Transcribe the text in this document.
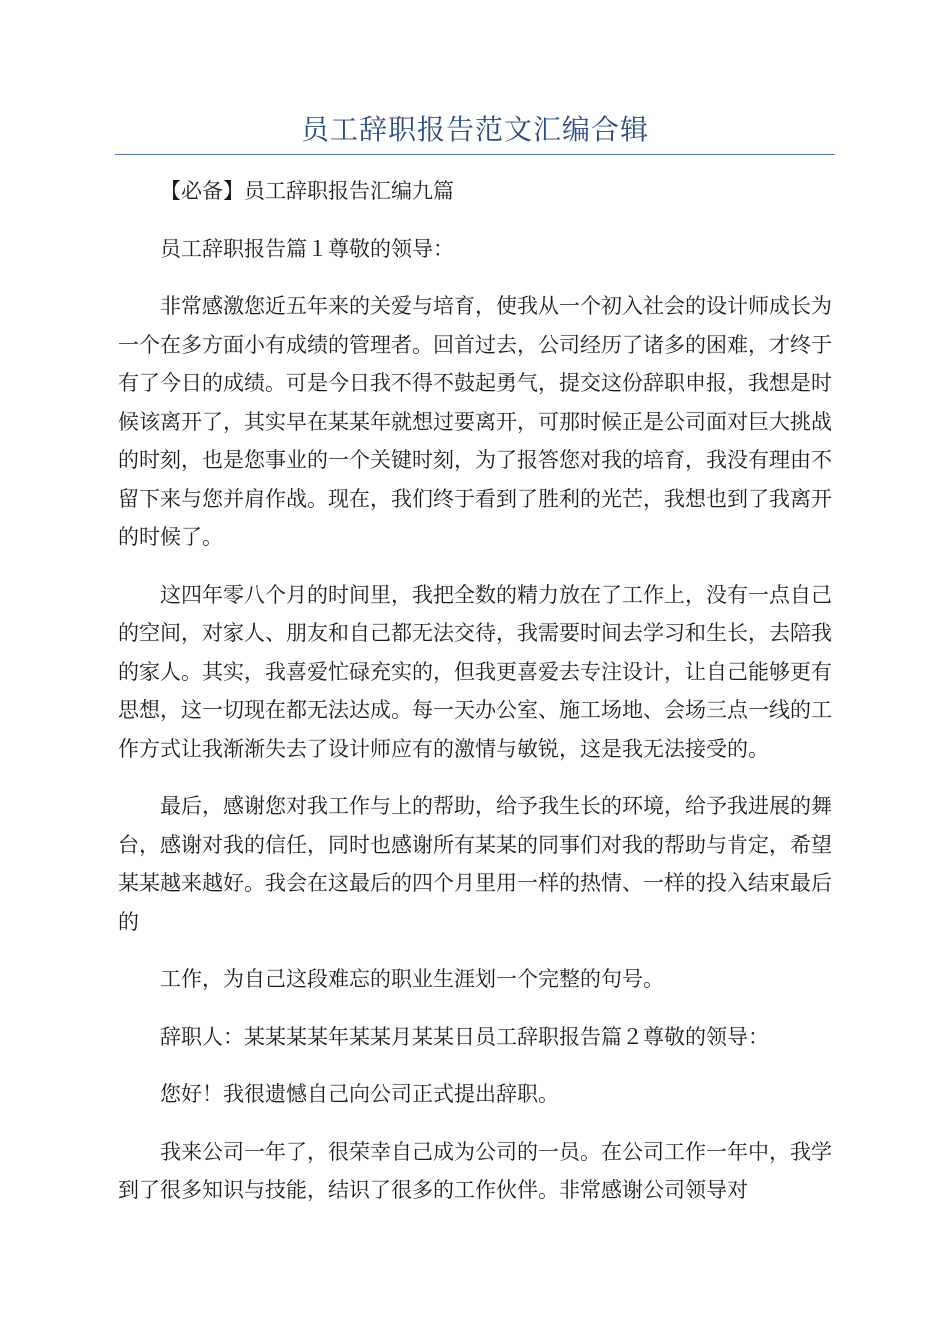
员工辞职报告范文汇编合辑

【必备】员工辞职报告汇编九篇

员工辞职报告篇１尊敬的领导：

非常感激您近五年来的关爱与培育，使我从一个初入社会的设计师成长为一个在多方面小有成绩的管理者。回首过去，公司经历了诸多的困难，才终于有了今日的成绩。可是今日我不得不鼓起勇气，提交这份辞职申报，我想是时候该离开了，其实早在某某年就想过要离开，可那时候正是公司面对巨大挑战的时刻，也是您事业的一个关键时刻，为了报答您对我的培育，我没有理由不留下来与您并肩作战。现在，我们终于看到了胜利的光芒，我想也到了我离开的时候了。

这四年零八个月的时间里，我把全数的精力放在了工作上，没有一点自己的空间，对家人、朋友和自己都无法交待，我需要时间去学习和生长，去陪我的家人。其实，我喜爱忙碌充实的，但我更喜爱去专注设计，让自己能够更有思想，这一切现在都无法达成。每一天办公室、施工场地、会场三点一线的工作方式让我渐渐失去了设计师应有的激情与敏锐，这是我无法接受的。

最后，感谢您对我工作与上的帮助，给予我生长的环境，给予我进展的舞台，感谢对我的信任，同时也感谢所有某某的同事们对我的帮助与肯定，希望某某越来越好。我会在这最后的四个月里用一样的热情、一样的投入结束最后的

工作，为自己这段难忘的职业生涯划一个完整的句号。

辞职人：某某某某年某某月某某日员工辞职报告篇２尊敬的领导：

您好！我很遗憾自己向公司正式提出辞职。

我来公司一年了，很荣幸自己成为公司的一员。在公司工作一年中，我学到了很多知识与技能，结识了很多的工作伙伴。非常感谢公司领导对
